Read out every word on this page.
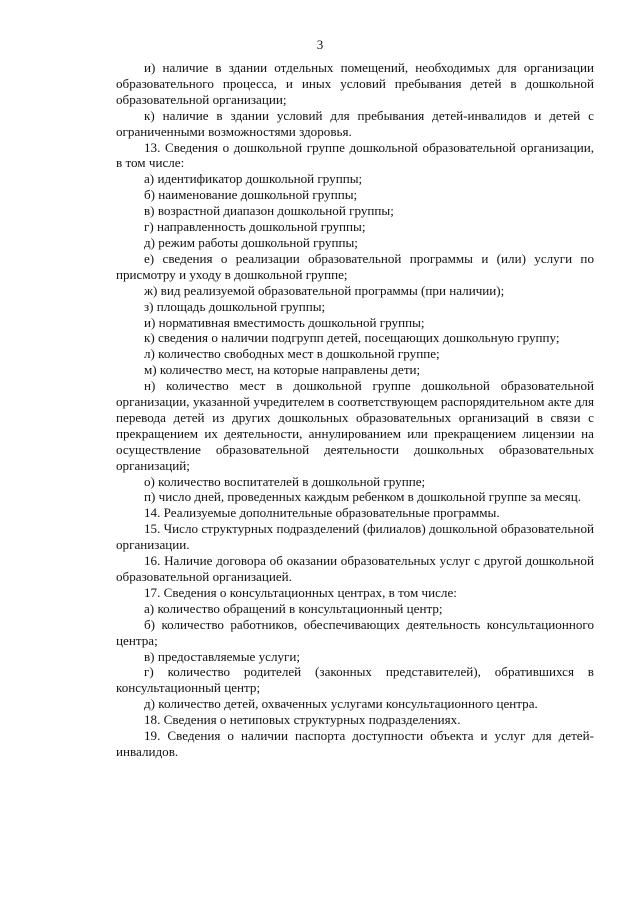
3

и) наличие в здании отдельных помещений, необходимых для организации образовательного процесса, и иных условий пребывания детей в дошкольной образовательной организации;

к) наличие в здании условий для пребывания детей-инвалидов и детей с ограниченными возможностями здоровья.

13. Сведения о дошкольной группе дошкольной образовательной организации, в том числе:

а) идентификатор дошкольной группы;

б) наименование дошкольной группы;

в) возрастной диапазон дошкольной группы;

г) направленность дошкольной группы;

д) режим работы дошкольной группы;

е) сведения о реализации образовательной программы и (или) услуги по присмотру и уходу в дошкольной группе;

ж) вид реализуемой образовательной программы (при наличии);

з) площадь дошкольной группы;

и) нормативная вместимость дошкольной группы;

к) сведения о наличии подгрупп детей, посещающих дошкольную группу;

л) количество свободных мест в дошкольной группе;

м) количество мест, на которые направлены дети;

н) количество мест в дошкольной группе дошкольной образовательной организации, указанной учредителем в соответствующем распорядительном акте для перевода детей из других дошкольных образовательных организаций в связи с прекращением их деятельности, аннулированием или прекращением лицензии на осуществление образовательной деятельности дошкольных образовательных организаций;

о) количество воспитателей в дошкольной группе;

п) число дней, проведенных каждым ребенком в дошкольной группе за месяц.

14. Реализуемые дополнительные образовательные программы.

15. Число структурных подразделений (филиалов) дошкольной образовательной организации.

16. Наличие договора об оказании образовательных услуг с другой дошкольной образовательной организацией.

17. Сведения о консультационных центрах, в том числе:

а) количество обращений в консультационный центр;

б) количество работников, обеспечивающих деятельность консультационного центра;

в) предоставляемые услуги;

г) количество родителей (законных представителей), обратившихся в консультационный центр;

д) количество детей, охваченных услугами консультационного центра.

18. Сведения о нетиповых структурных подразделениях.

19. Сведения о наличии паспорта доступности объекта и услуг для детей-инвалидов.
